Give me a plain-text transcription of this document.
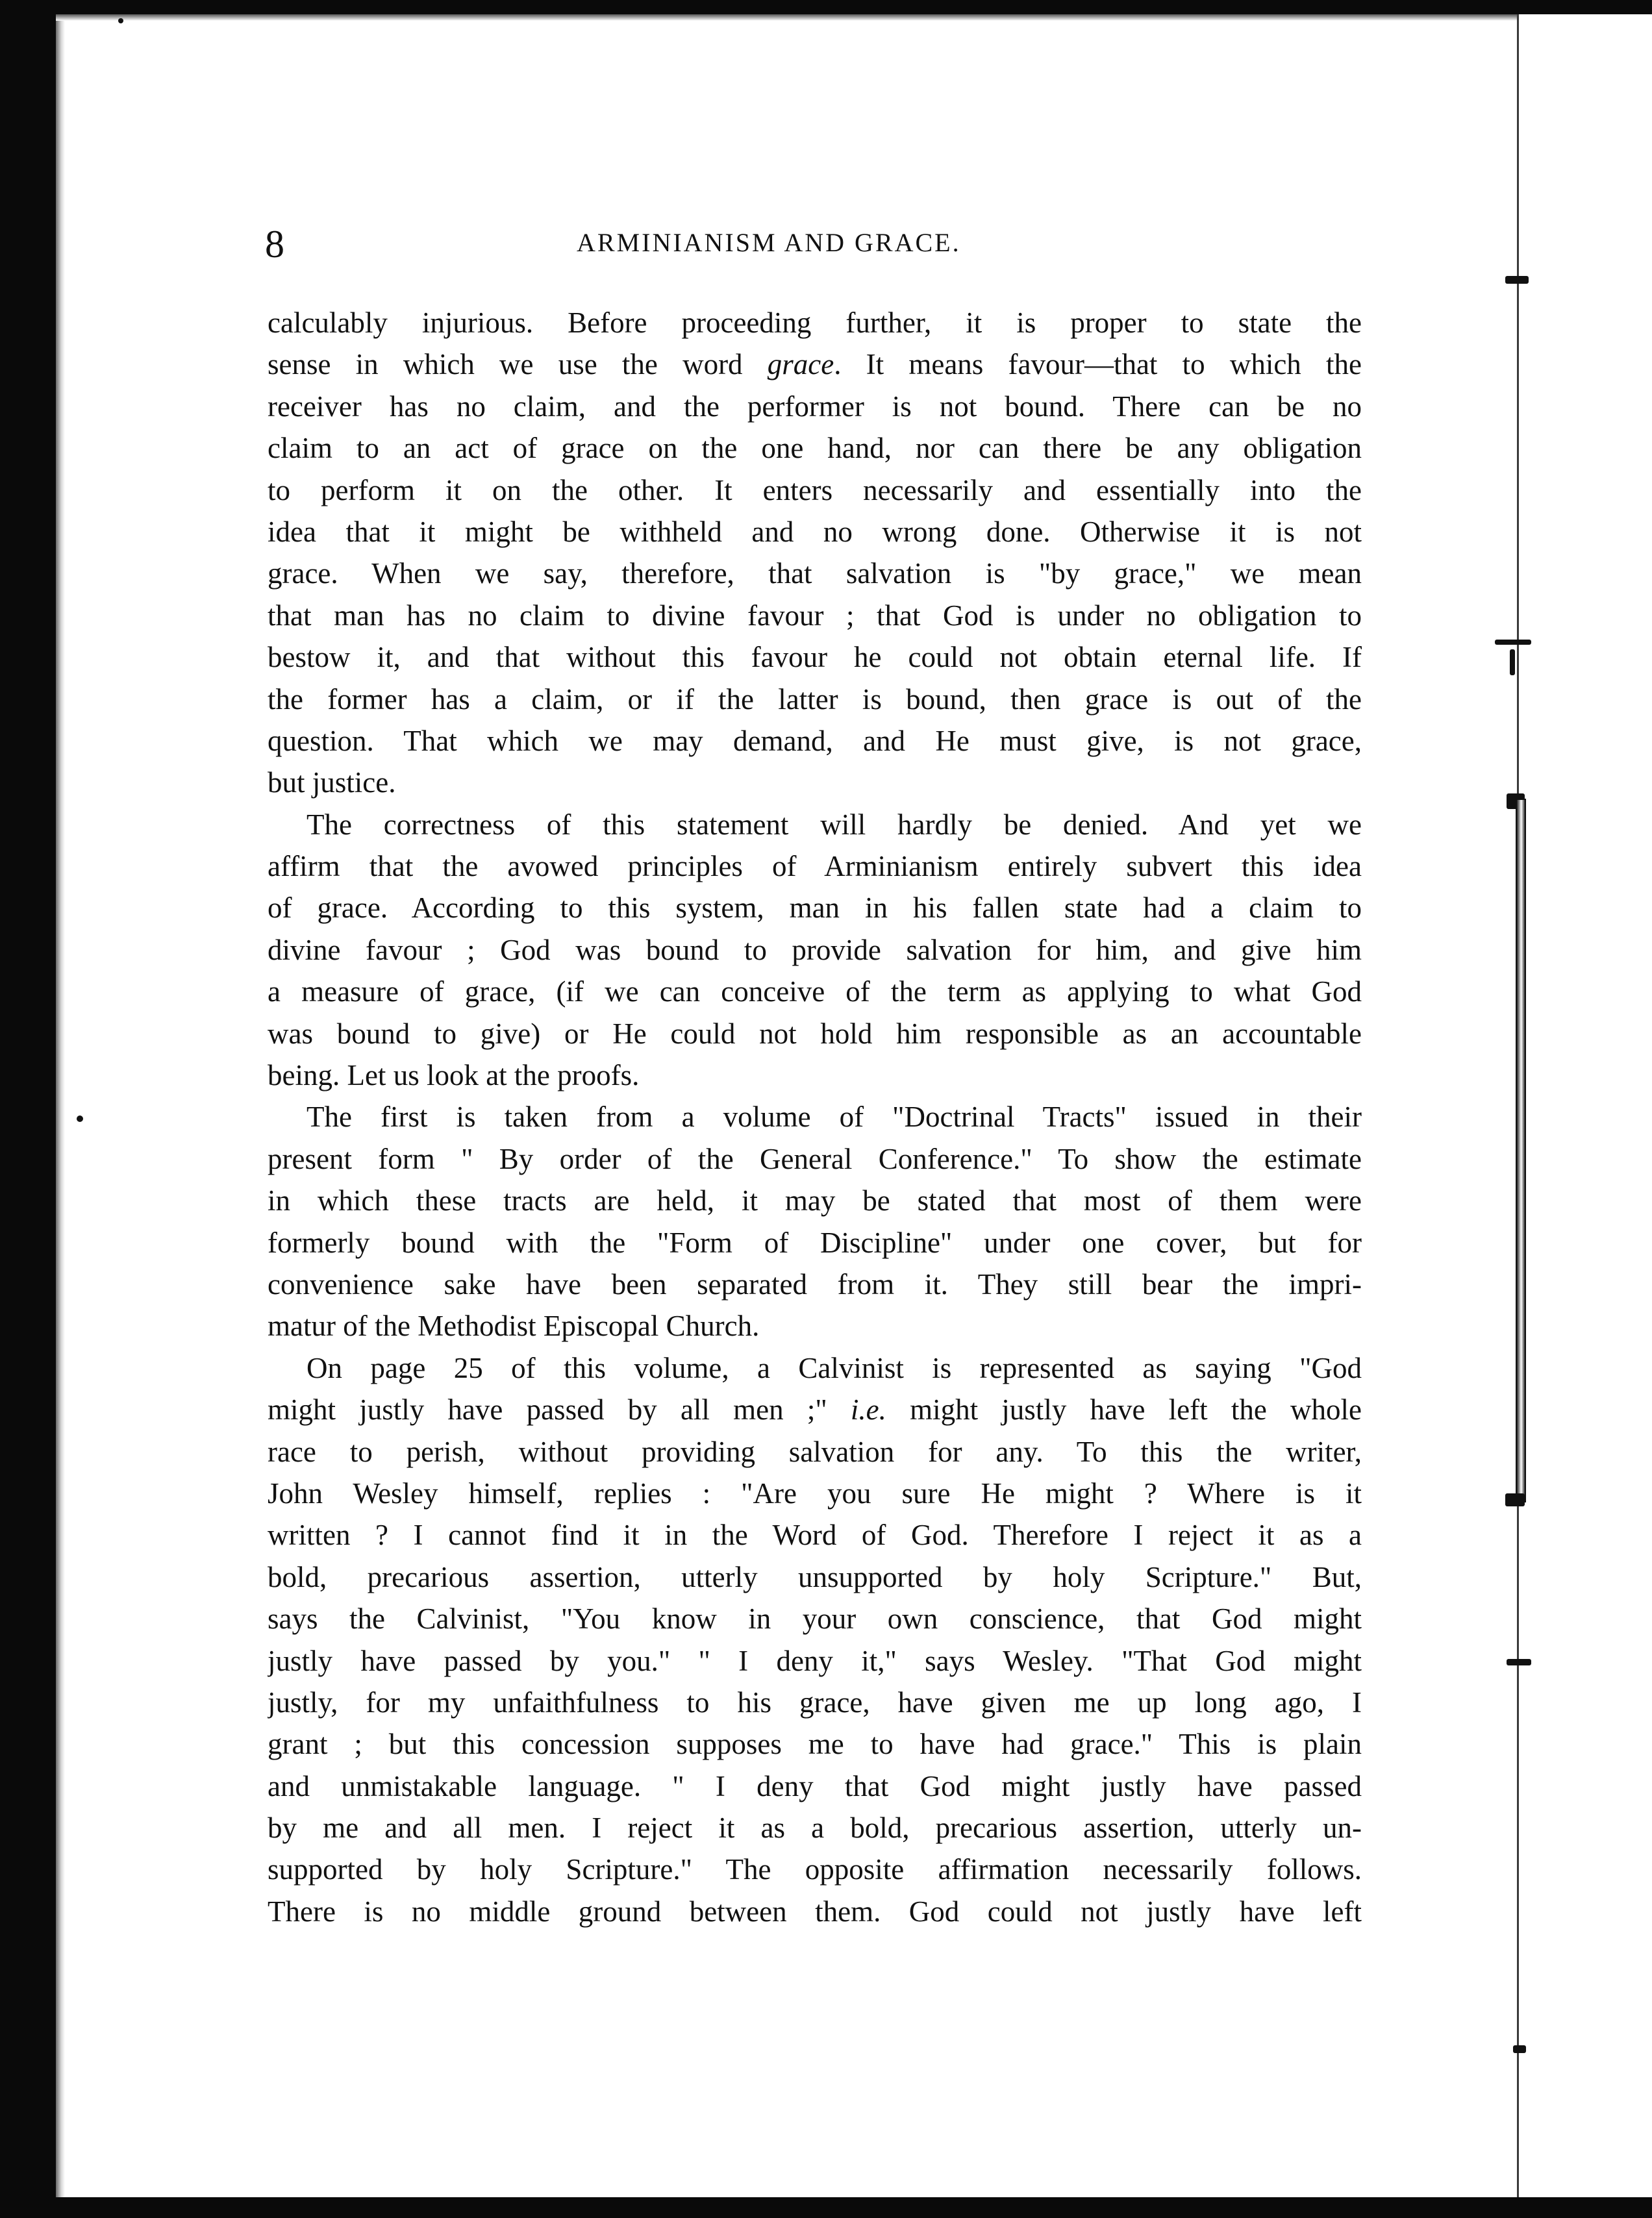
8	ARMINIANISM AND GRACE.

calculably injurious. Before proceeding further, it is proper to state the
sense in which we use the word grace. It means favour—that to which the
receiver has no claim, and the performer is not bound. There can be no
claim to an act of grace on the one hand, nor can there be any obligation
to perform it on the other. It enters necessarily and essentially into the
idea that it might be withheld and no wrong done. Otherwise it is not
grace. When we say, therefore, that salvation is "by grace," we mean
that man has no claim to divine favour ; that God is under no obligation to
bestow it, and that without this favour he could not obtain eternal life. If
the former has a claim, or if the latter is bound, then grace is out of the
question. That which we may demand, and He must give, is not grace,
but justice.

The correctness of this statement will hardly be denied. And yet we
affirm that the avowed principles of Arminianism entirely subvert this idea
of grace. According to this system, man in his fallen state had a claim to
divine favour ; God was bound to provide salvation for him, and give him
a measure of grace, (if we can conceive of the term as applying to what God
was bound to give) or He could not hold him responsible as an accountable
being. Let us look at the proofs.

The first is taken from a volume of "Doctrinal Tracts" issued in their
present form " By order of the General Conference." To show the estimate
in which these tracts are held, it may be stated that most of them were
formerly bound with the "Form of Discipline" under one cover, but for
convenience sake have been separated from it. They still bear the impri-
matur of the Methodist Episcopal Church.

On page 25 of this volume, a Calvinist is represented as saying "God
might justly have passed by all men ;" i.e. might justly have left the whole
race to perish, without providing salvation for any. To this the writer,
John Wesley himself, replies : "Are you sure He might ? Where is it
written ? I cannot find it in the Word of God. Therefore I reject it as a
bold, precarious assertion, utterly unsupported by holy Scripture." But,
says the Calvinist, "You know in your own conscience, that God might
justly have passed by you." " I deny it," says Wesley. "That God might
justly, for my unfaithfulness to his grace, have given me up long ago, I
grant ; but this concession supposes me to have had grace." This is plain
and unmistakable language. " I deny that God might justly have passed
by me and all men. I reject it as a bold, precarious assertion, utterly un-
supported by holy Scripture." The opposite affirmation necessarily follows.
There is no middle ground between them. God could not justly have left
